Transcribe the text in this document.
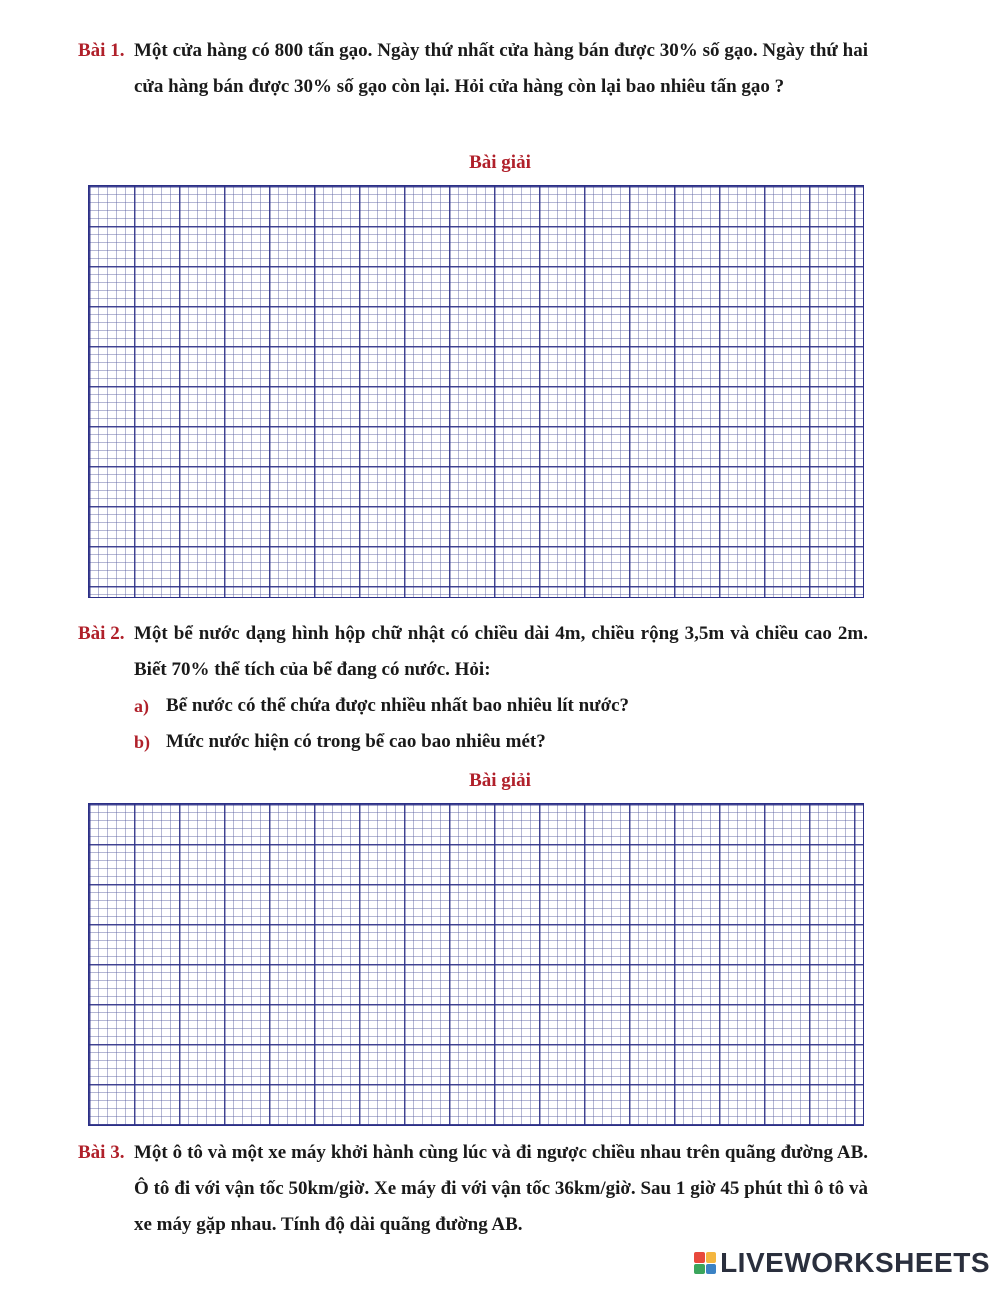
Bài 1. Một cửa hàng có 800 tấn gạo. Ngày thứ nhất cửa hàng bán được 30% số gạo. Ngày thứ hai cửa hàng bán được 30% số gạo còn lại. Hỏi cửa hàng còn lại bao nhiêu tấn gạo ?

Bài giải
Bài 2. Một bể nước dạng hình hộp chữ nhật có chiều dài 4m, chiều rộng 3,5m và chiều cao 2m. Biết 70% thể tích của bể đang có nước. Hỏi:

a) Bể nước có thể chứa được nhiều nhất bao nhiêu lít nước?
b) Mức nước hiện có trong bể cao bao nhiêu mét?
Bài giải
Bài 3. Một ô tô và một xe máy khởi hành cùng lúc và đi ngược chiều nhau trên quãng đường AB. Ô tô đi với vận tốc 50km/giờ. Xe máy đi với vận tốc 36km/giờ. Sau 1 giờ 45 phút thì ô tô và xe máy gặp nhau. Tính độ dài quãng đường AB.

LIVEWORKSHEETS
